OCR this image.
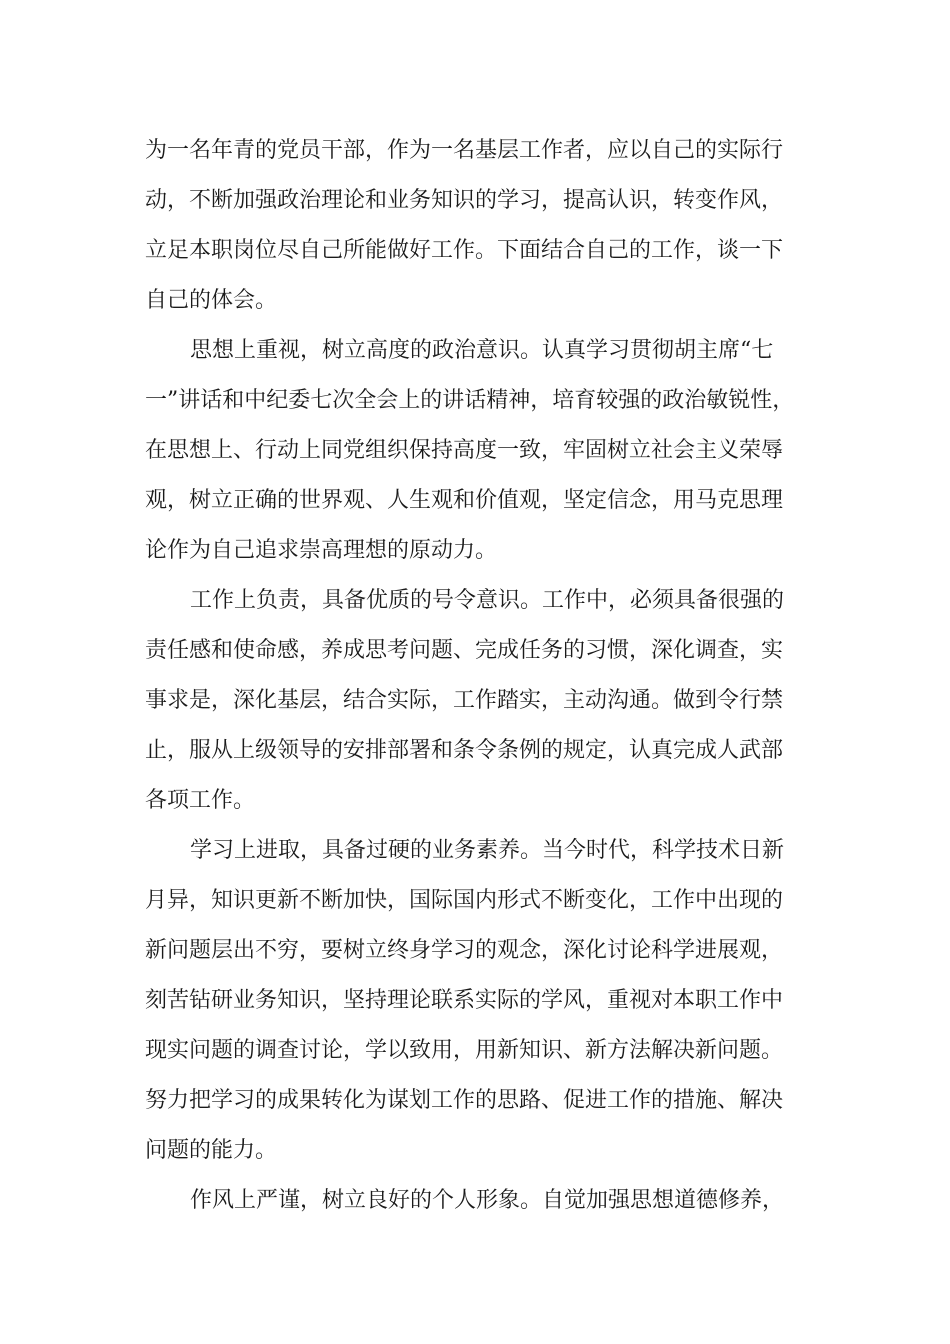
为一名年青的党员干部，作为一名基层工作者，应以自己的实际行

动，不断加强政治理论和业务知识的学习，提高认识，转变作风，

立足本职岗位尽自己所能做好工作。下面结合自己的工作，谈一下

自己的体会。

思想上重视，树立高度的政治意识。认真学习贯彻胡主席“七

一”讲话和中纪委七次全会上的讲话精神，培育较强的政治敏锐性，

在思想上、行动上同党组织保持高度一致，牢固树立社会主义荣辱

观，树立正确的世界观、人生观和价值观，坚定信念，用马克思理

论作为自己追求崇高理想的原动力。

工作上负责，具备优质的号令意识。工作中，必须具备很强的

责任感和使命感，养成思考问题、完成任务的习惯，深化调查，实

事求是，深化基层，结合实际，工作踏实，主动沟通。做到令行禁

止，服从上级领导的安排部署和条令条例的规定，认真完成人武部

各项工作。

学习上进取，具备过硬的业务素养。当今时代，科学技术日新

月异，知识更新不断加快，国际国内形式不断变化，工作中出现的

新问题层出不穷，要树立终身学习的观念，深化讨论科学进展观，

刻苦钻研业务知识，坚持理论联系实际的学风，重视对本职工作中

现实问题的调查讨论，学以致用，用新知识、新方法解决新问题。

努力把学习的成果转化为谋划工作的思路、促进工作的措施、解决

问题的能力。

作风上严谨，树立良好的个人形象。自觉加强思想道德修养，
